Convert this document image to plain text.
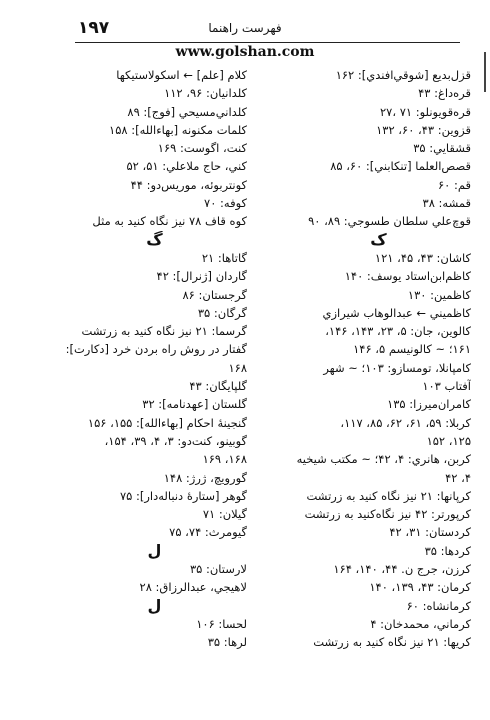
۱۹۷	فهرست راهنما
www.golshan.com
قزل‌بديع [شوقي‌افندي]: ۱۶۲
قره‌داغ: ۴۳
قره‌قويونلو: ۷۱ ،۲۷
قزوين: ۴۳، ۶۰، ۱۳۲
قشقايي: ۳۵
قصص‌العلما [تنكابني]: ۶۰، ۸۵
قم: ۶۰
قمشه: ۳۸
قوچ‌علي سلطان طسوجي: ۸۹، ۹۰
ک
كاشان: ۴۳، ۴۵، ۱۲۱
كاظم‌ابن‌استاد يوسف: ۱۴۰
كاظمين: ۱۳۰
كاظميني ← عبدالوهاب شيرازي
كالوين، جان: ۵، ۲۳، ۱۴۳، ۱۴۶،
۱۶۱؛ ~ كالونيسم ۵، ۱۴۶
كامپانلا، تومسازو: ۱۰۳؛ ~ شهر
آفتاب ۱۰۳
كامران‌ميرزا: ۱۳۵
كربلا: ۵۹، ۶۱، ۶۲، ۸۵، ۱۱۷،
۱۲۵، ۱۵۲
كربن، هانري: ۴، ۴۲؛ ~ مكتب شيخيه
۴، ۴۲
كرپانها: ۲۱ نيز نگاه كنيد به زرتشت
كرپورتر: ۴۲ نيز نگاه‌كنيد به زرتشت
كردستان: ۳۱، ۴۲
كردها: ۳۵
كرزن، جرج ن. ۴۴، ۱۴۰، ۱۶۴
كرمان: ۴۳، ۱۳۹، ۱۴۰
كرمانشاه: ۶۰
كرماني، محمدخان: ۴
كريها: ۲۱ نيز نگاه كنيد به زرتشت
كلام [علم] ← اسكولاستيكها
كلدانيان: ۹۶، ۱۱۲
كلداني‌مسيحي [فوج]: ۸۹
كلمات مكنونه [بهاءالله]: ۱۵۸
كنت، اگوست: ۱۶۹
كني، حاج ملاعلي: ۵۱، ۵۲
كونتربوئه، موريس‌دو: ۴۴
كوفه: ۷۰
كوه قاف ۷۸ نيز نگاه كنيد به مثل
گ
گاتاها: ۲۱
گاردان [ژنرال]: ۴۲
گرجستان: ۸۶
گرگان: ۳۵
گرسما: ۲۱ نيز نگاه كنيد به زرتشت
گفتار در روش راه بردن خرد [دكارت]:
۱۶۸
گلپايگان: ۴۳
گلستان [عهدنامه]: ۳۲
گنجينهٔ احكام [بهاءالله]: ۱۵۵، ۱۵۶
گوبينو، كنت‌دو: ۳، ۴، ۳۹، ۱۵۴،
۱۶۸، ۱۶۹
گورويچ، ژرژ: ۱۴۸
گوهر [ستارهٔ دنباله‌دار]: ۷۵
گيلان: ۷۱
گيومرث: ۷۴، ۷۵
ل
لارستان: ۳۵
لاهيجي، عبدالرزاق: ۲۸
ل
لحسا: ۱۰۶
لرها: ۳۵
